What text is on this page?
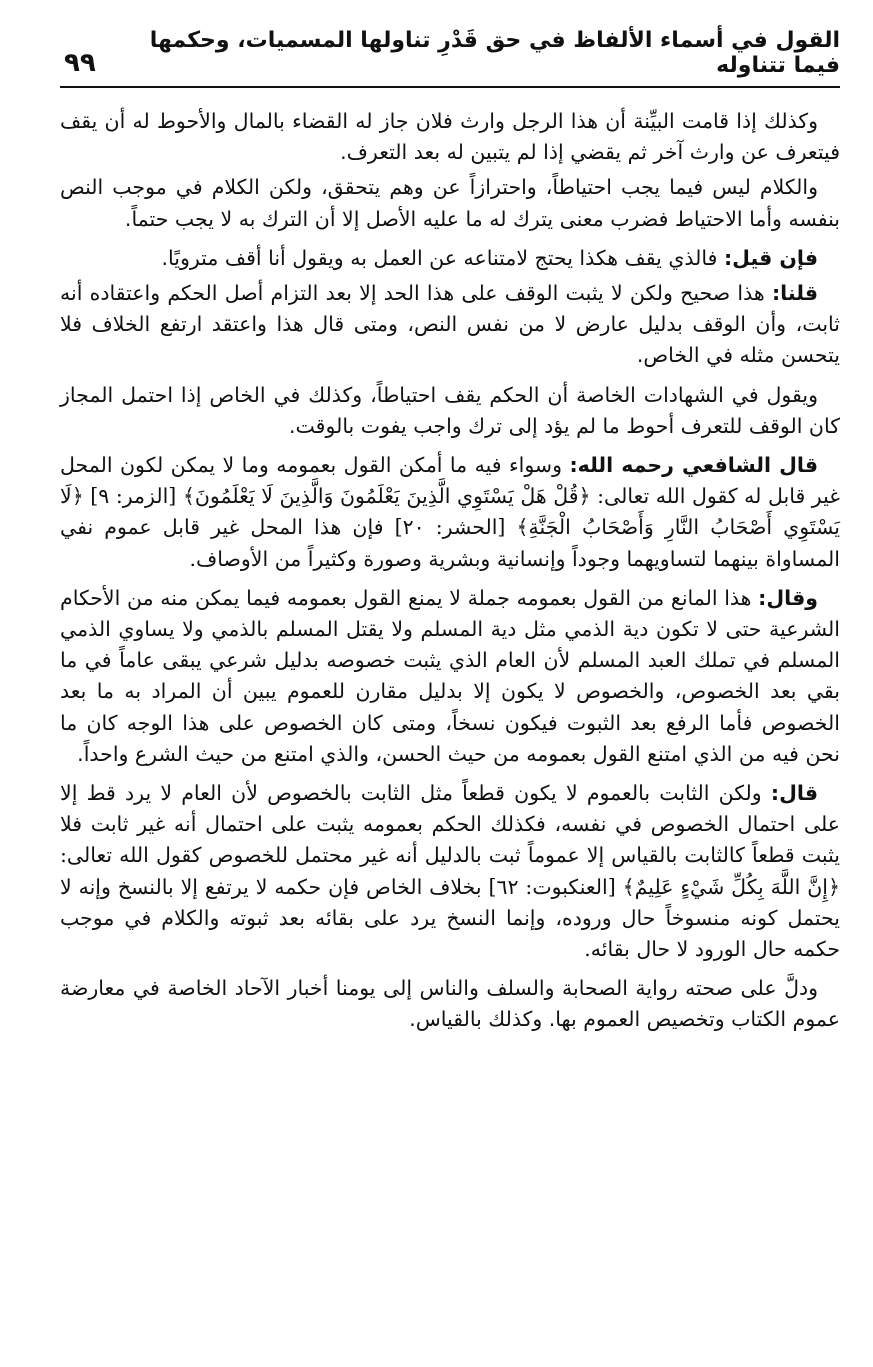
القول في أسماء الألفاظ في حق قَدْرِ تناولها المسميات، وحكمها فيما تتناوله
٩٩

وكذلك إذا قامت البيِّنة أن هذا الرجل وارث فلان جاز له القضاء بالمال والأحوط له أن يقف فيتعرف عن وارث آخر ثم يقضي إذا لم يتبين له بعد التعرف.

والكلام ليس فيما يجب احتياطاً، واحترازاً عن وهم يتحقق، ولكن الكلام في موجب النص بنفسه وأما الاحتياط فضرب معنى يترك له ما عليه الأصل إلا أن الترك به لا يجب حتماً.

فإن قيل: فالذي يقف هكذا يحتج لامتناعه عن العمل به ويقول أنا أقف مترويًا.

قلنا: هذا صحيح ولكن لا يثبت الوقف على هذا الحد إلا بعد التزام أصل الحكم واعتقاده أنه ثابت، وأن الوقف بدليل عارض لا من نفس النص، ومتى قال هذا واعتقد ارتفع الخلاف فلا يتحسن مثله في الخاص.

ويقول في الشهادات الخاصة أن الحكم يقف احتياطاً، وكذلك في الخاص إذا احتمل المجاز كان الوقف للتعرف أحوط ما لم يؤد إلى ترك واجب يفوت بالوقت.

قال الشافعي رحمه الله: وسواء فيه ما أمكن القول بعمومه وما لا يمكن لكون المحل غير قابل له كقول الله تعالى: ﴿قُلْ هَلْ يَسْتَوِي الَّذِينَ يَعْلَمُونَ وَالَّذِينَ لَا يَعْلَمُونَ﴾ [الزمر: ٩] ﴿لَا يَسْتَوِي أَصْحَابُ النَّارِ وَأَصْحَابُ الْجَنَّةِ﴾ [الحشر: ٢٠] فإن هذا المحل غير قابل عموم نفي المساواة بينهما لتساويهما وجوداً وإنسانية وبشرية وصورة وكثيراً من الأوصاف.

وقال: هذا المانع من القول بعمومه جملة لا يمنع القول بعمومه فيما يمكن منه من الأحكام الشرعية حتى لا تكون دية الذمي مثل دية المسلم ولا يقتل المسلم بالذمي ولا يساوي الذمي المسلم في تملك العبد المسلم لأن العام الذي يثبت خصوصه بدليل شرعي يبقى عاماً في ما بقي بعد الخصوص، والخصوص لا يكون إلا بدليل مقارن للعموم يبين أن المراد به ما بعد الخصوص فأما الرفع بعد الثبوت فيكون نسخاً، ومتى كان الخصوص على هذا الوجه كان ما نحن فيه من الذي امتنع القول بعمومه من حيث الحسن، والذي امتنع من حيث الشرع واحداً.

قال: ولكن الثابت بالعموم لا يكون قطعاً مثل الثابت بالخصوص لأن العام لا يرد قط إلا على احتمال الخصوص في نفسه، فكذلك الحكم بعمومه يثبت على احتمال أنه غير ثابت فلا يثبت قطعاً كالثابت بالقياس إلا عموماً ثبت بالدليل أنه غير محتمل للخصوص كقول الله تعالى: ﴿إِنَّ اللَّهَ بِكُلِّ شَيْءٍ عَلِيمٌ﴾ [العنكبوت: ٦٢] بخلاف الخاص فإن حكمه لا يرتفع إلا بالنسخ وإنه لا يحتمل كونه منسوخاً حال وروده، وإنما النسخ يرد على بقائه بعد ثبوته والكلام في موجب حكمه حال الورود لا حال بقائه.

ودلَّ على صحته رواية الصحابة والسلف والناس إلى يومنا أخبار الآحاد الخاصة في معارضة عموم الكتاب وتخصيص العموم بها. وكذلك بالقياس.
